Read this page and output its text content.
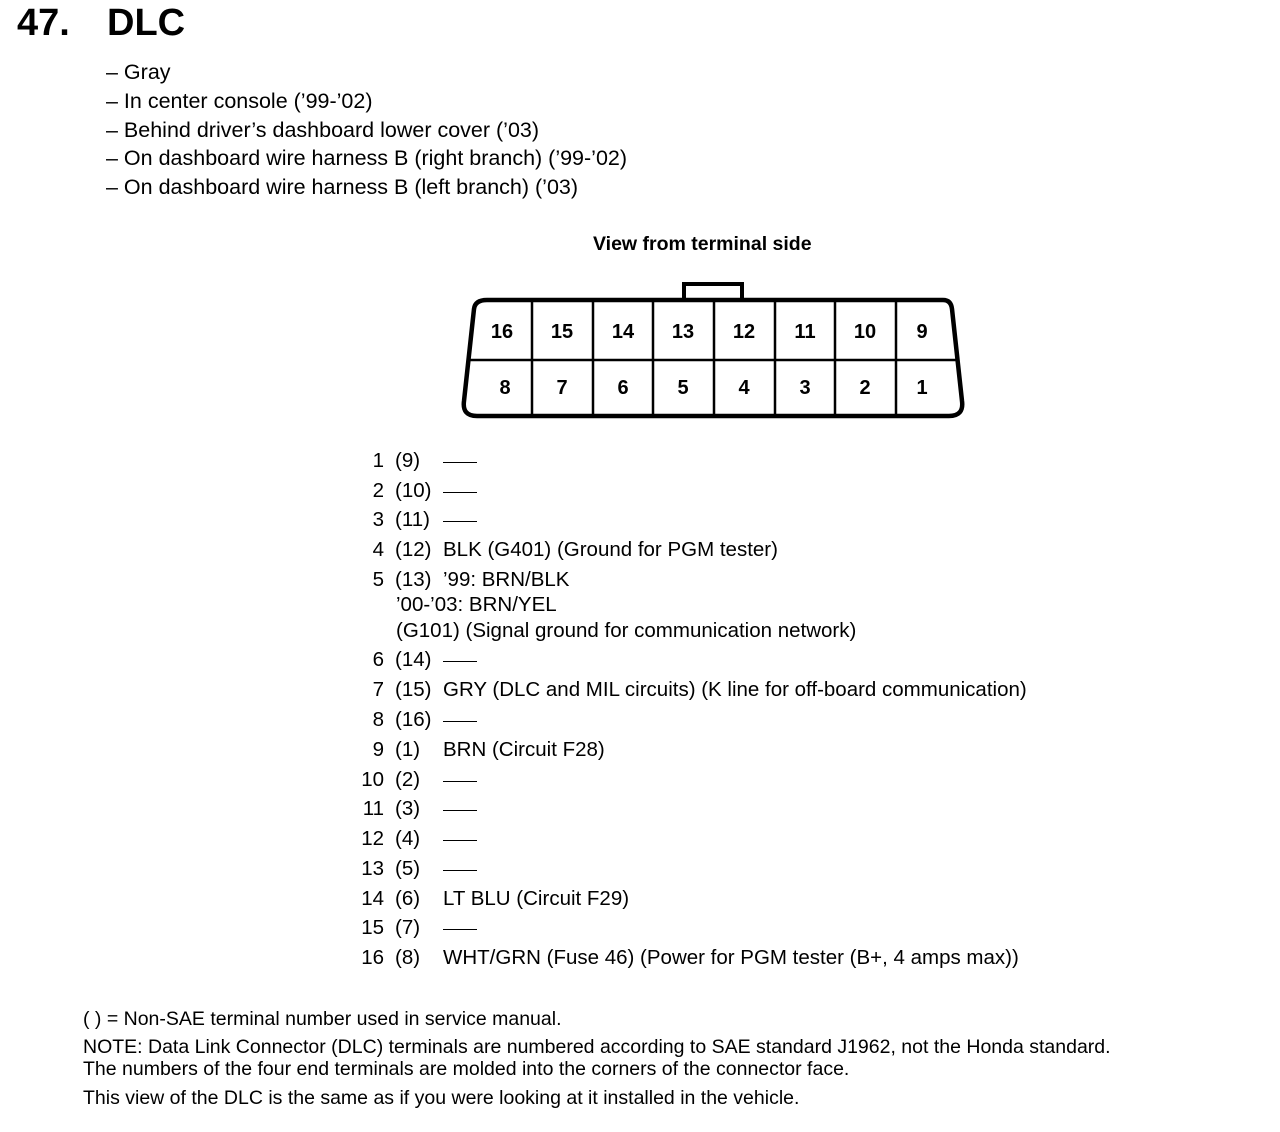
47. DLC
– Gray
– In center console (’99-’02)
– Behind driver’s dashboard lower cover (’03)
– On dashboard wire harness B (right branch) (’99-’02)
– On dashboard wire harness B (left branch) (’03)
View from terminal side
16 15 14 13 12 11 10 9
8 7 6 5 4 3 2 1
1 (9)
2 (10)
3 (11)
4 (12) BLK (G401) (Ground for PGM tester)
5 (13) ’99: BRN/BLK
’00-’03: BRN/YEL
(G101) (Signal ground for communication network)
6 (14)
7 (15) GRY (DLC and MIL circuits) (K line for off-board communication)
8 (16)
9 (1) BRN (Circuit F28)
10 (2)
11 (3)
12 (4)
13 (5)
14 (6) LT BLU (Circuit F29)
15 (7)
16 (8) WHT/GRN (Fuse 46) (Power for PGM tester (B+, 4 amps max))
( ) = Non-SAE terminal number used in service manual.
NOTE: Data Link Connector (DLC) terminals are numbered according to SAE standard J1962, not the Honda standard.
The numbers of the four end terminals are molded into the corners of the connector face.
This view of the DLC is the same as if you were looking at it installed in the vehicle.
